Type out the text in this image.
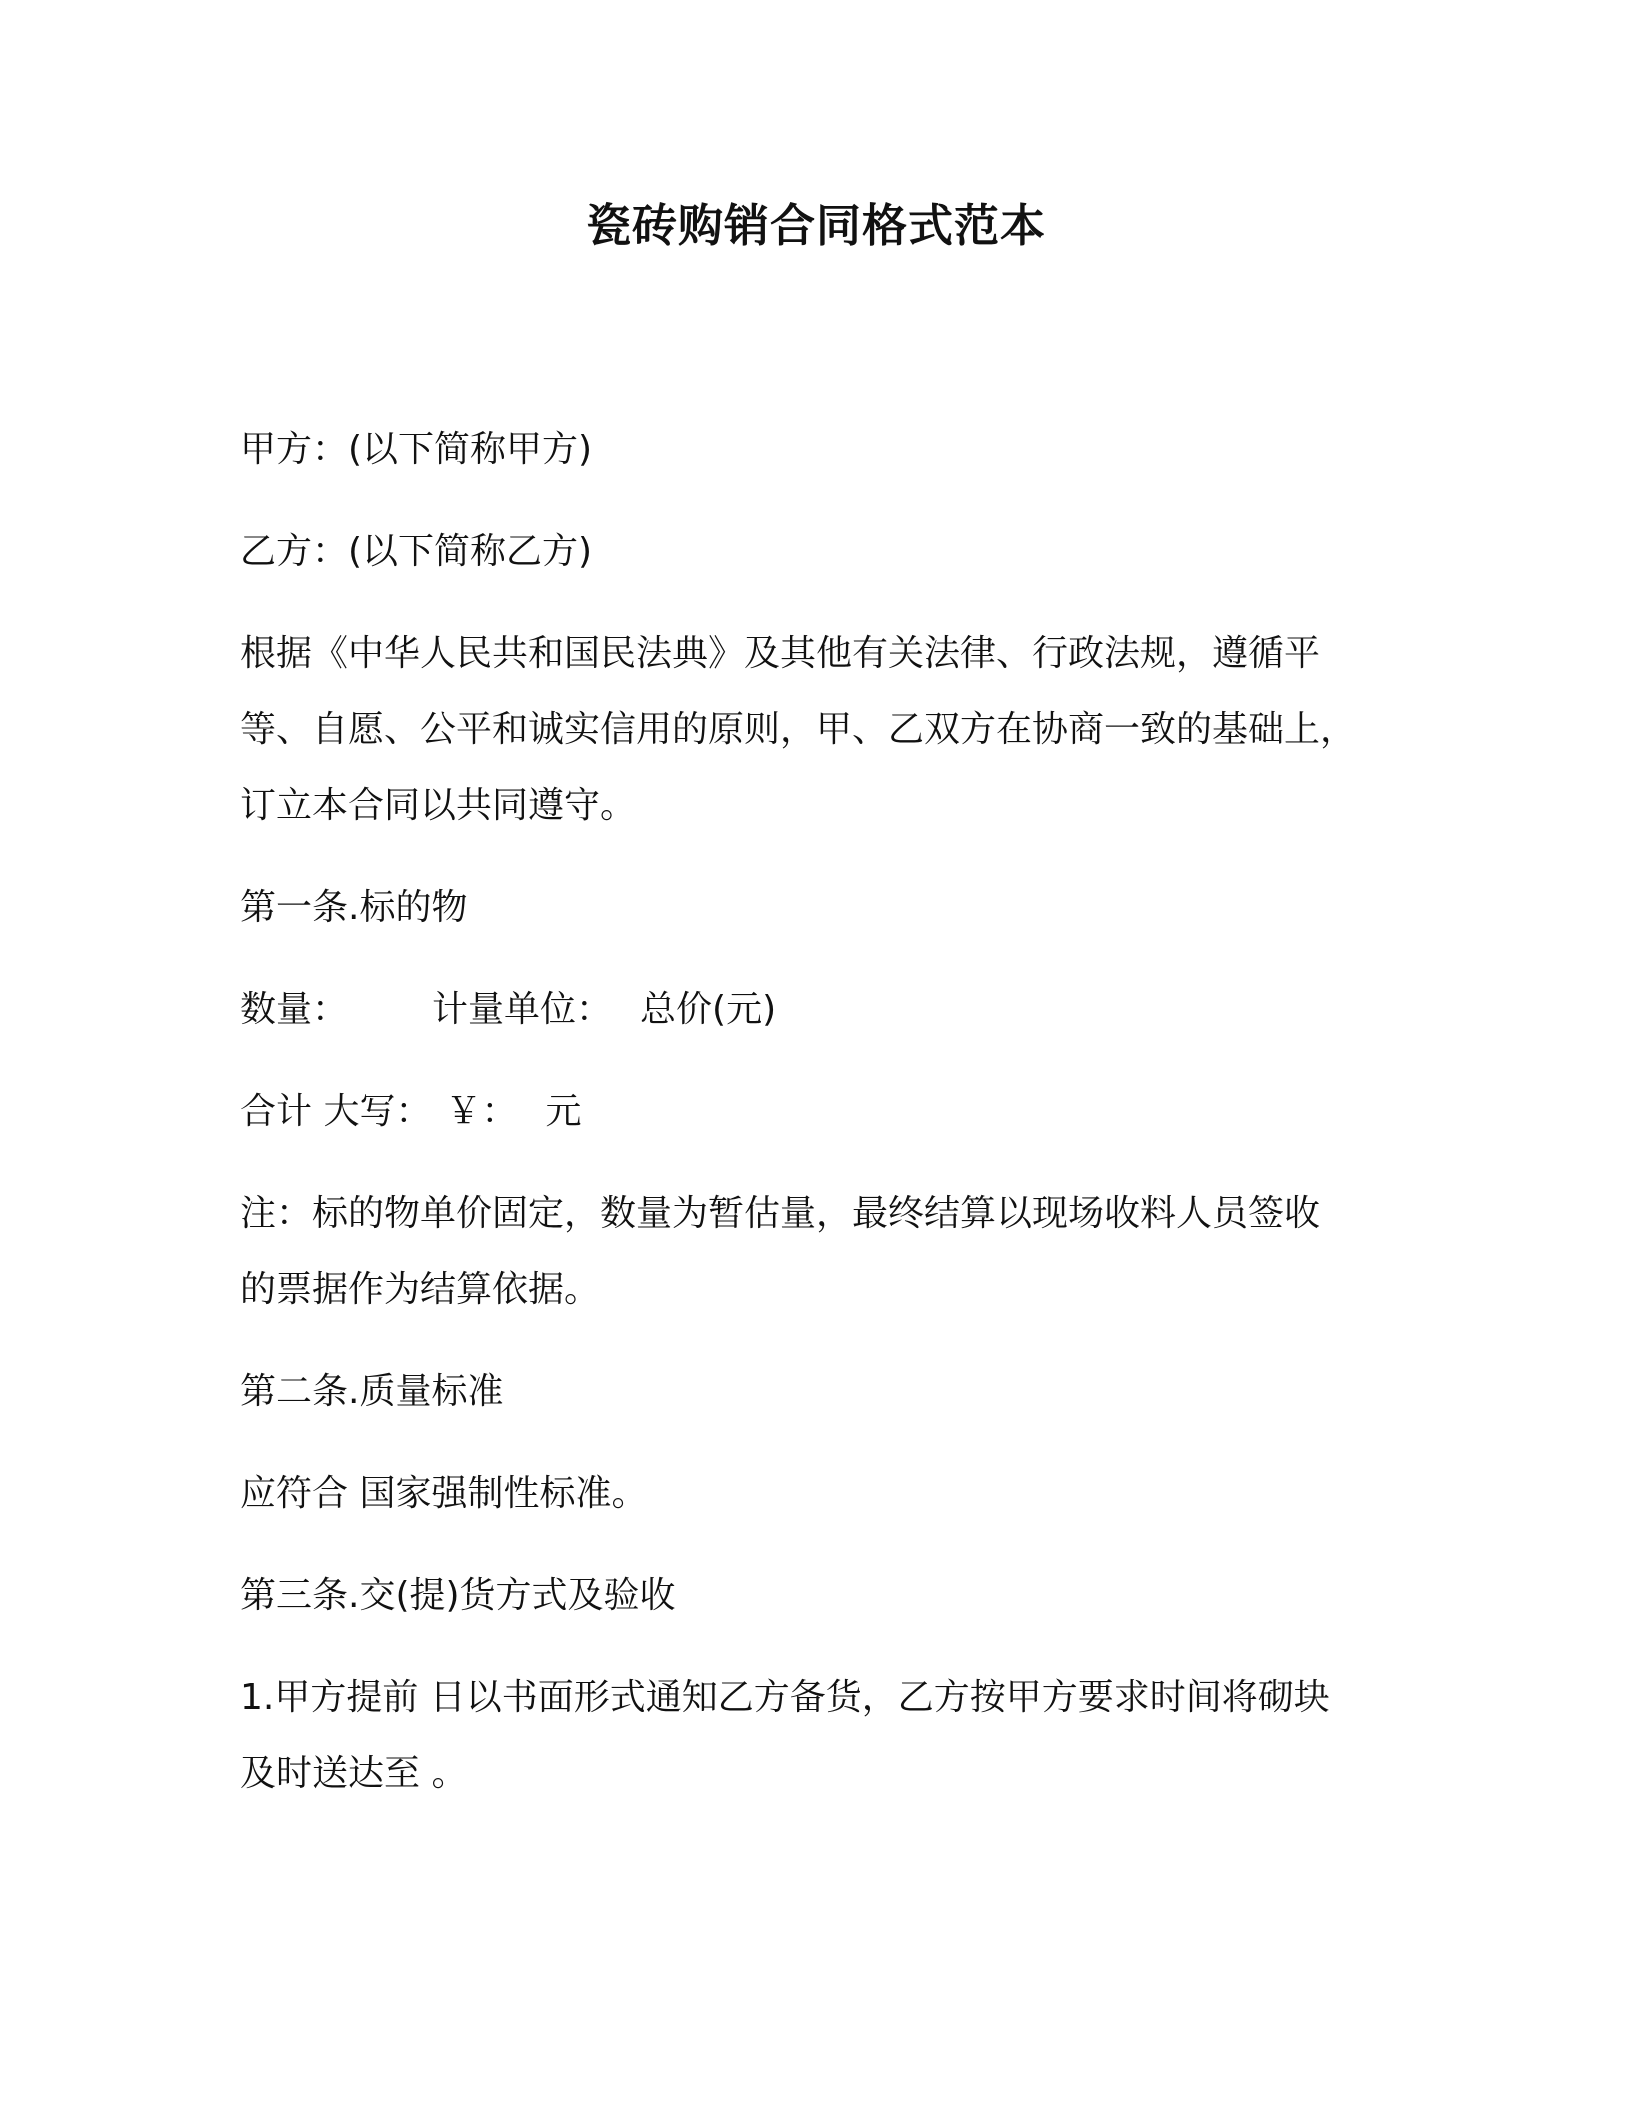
瓷砖购销合同格式范本
甲方：(以下简称甲方)
乙方：(以下简称乙方)
根据《中华人民共和国民法典》及其他有关法律、行政法规，遵循平
等、自愿、公平和诚实信用的原则，甲、乙双方在协商一致的基础上，
订立本合同以共同遵守。
第一条.标的物
数量： 计量单位： 总价(元)
合计 大写： ￥： 元
注：标的物单价固定，数量为暂估量，最终结算以现场收料人员签收
的票据作为结算依据。
第二条.质量标准
应符合 国家强制性标准。
第三条.交(提)货方式及验收
1.甲方提前 日以书面形式通知乙方备货，乙方按甲方要求时间将砌块
及时送达至 。
